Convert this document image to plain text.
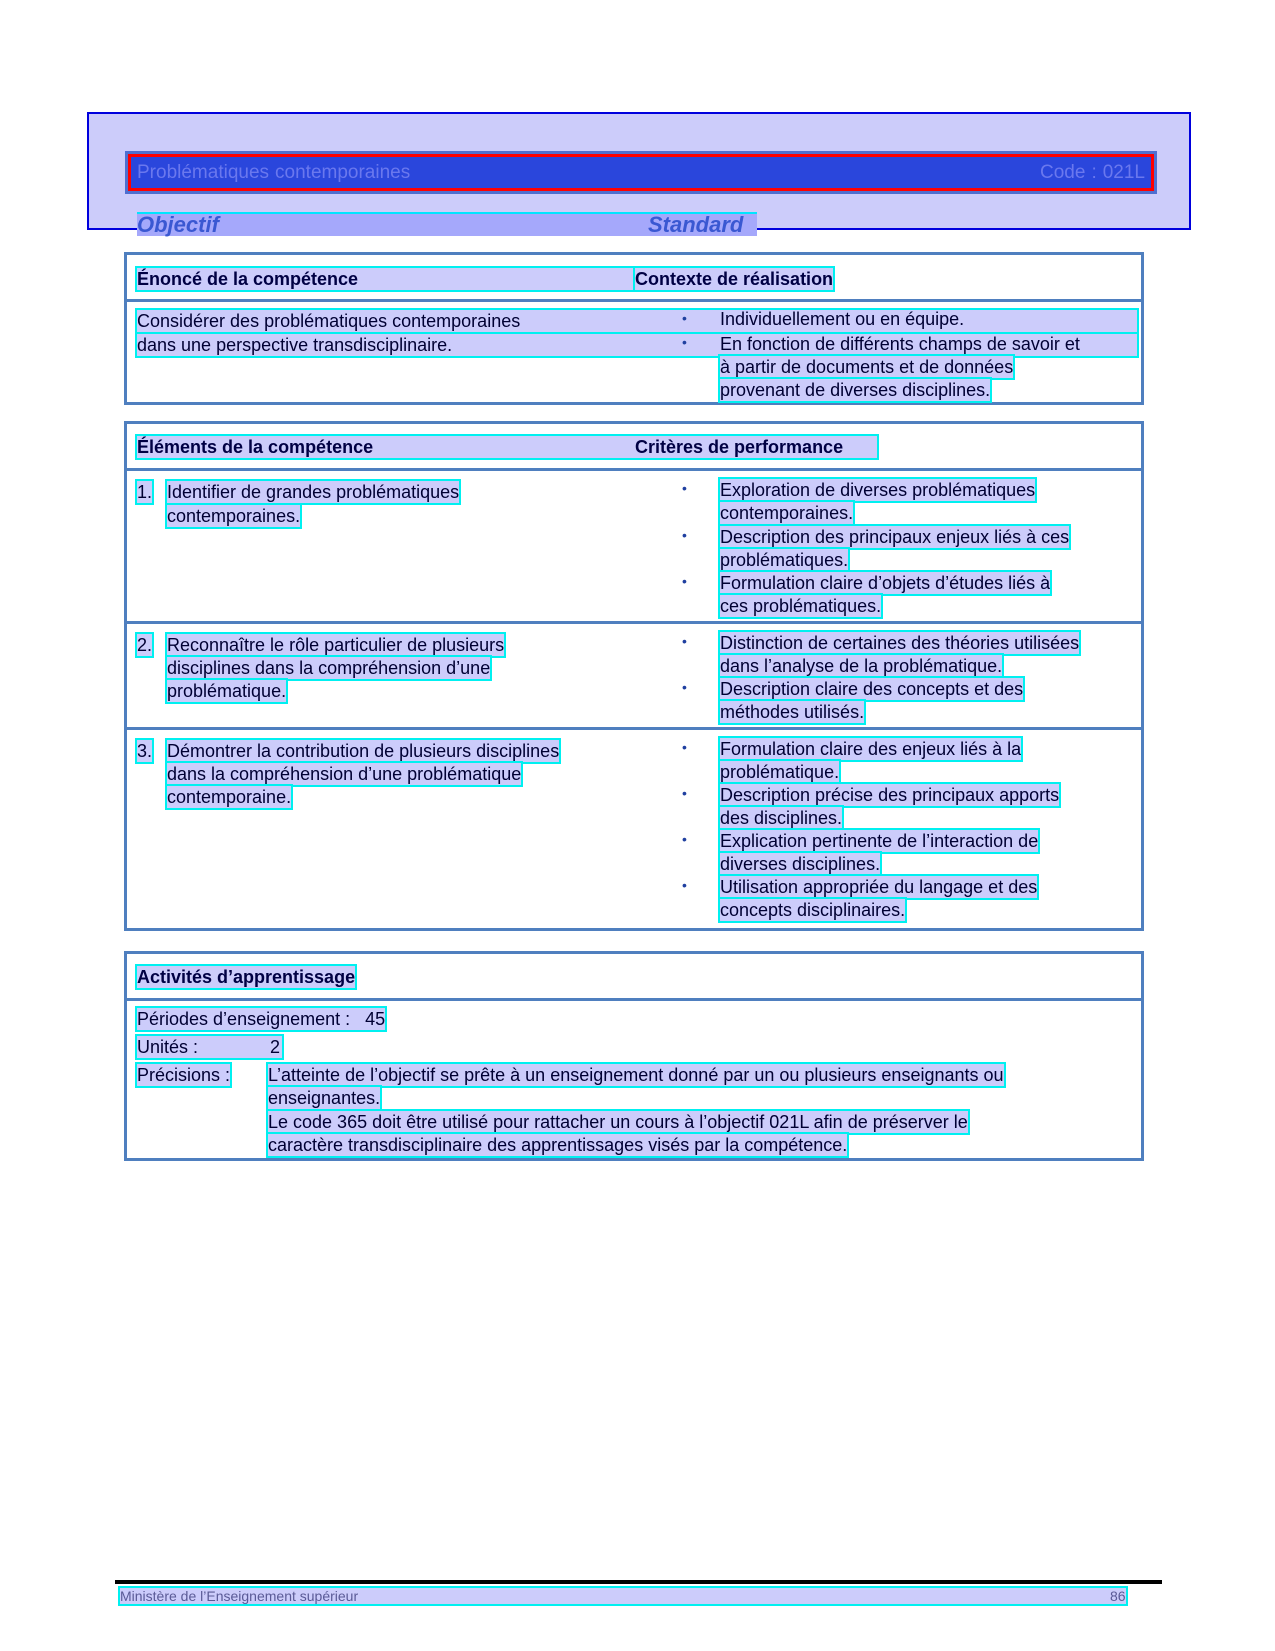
Problématiques contemporaines	Code : 021L
Objectif	Standard
Énoncé de la compétence	Contexte de réalisation
Considérer des problématiques contemporaines
dans une perspective transdisciplinaire.
• Individuellement ou en équipe.
• En fonction de différents champs de savoir et
à partir de documents et de données
provenant de diverses disciplines.
Éléments de la compétence	Critères de performance
1. Identifier de grandes problématiques
contemporaines.
• Exploration de diverses problématiques
contemporaines.
• Description des principaux enjeux liés à ces
problématiques.
• Formulation claire d’objets d’études liés à
ces problématiques.
2. Reconnaître le rôle particulier de plusieurs
disciplines dans la compréhension d’une
problématique.
• Distinction de certaines des théories utilisées
dans l’analyse de la problématique.
• Description claire des concepts et des
méthodes utilisés.
3. Démontrer la contribution de plusieurs disciplines
dans la compréhension d’une problématique
contemporaine.
• Formulation claire des enjeux liés à la
problématique.
• Description précise des principaux apports
des disciplines.
• Explication pertinente de l’interaction de
diverses disciplines.
• Utilisation appropriée du langage et des
concepts disciplinaires.
Activités d’apprentissage
Périodes d’enseignement : 45
Unités :	2
Précisions : L’atteinte de l’objectif se prête à un enseignement donné par un ou plusieurs enseignants ou
enseignantes.
Le code 365 doit être utilisé pour rattacher un cours à l’objectif 021L afin de préserver le
caractère transdisciplinaire des apprentissages visés par la compétence.
Ministère de l’Enseignement supérieur	86
